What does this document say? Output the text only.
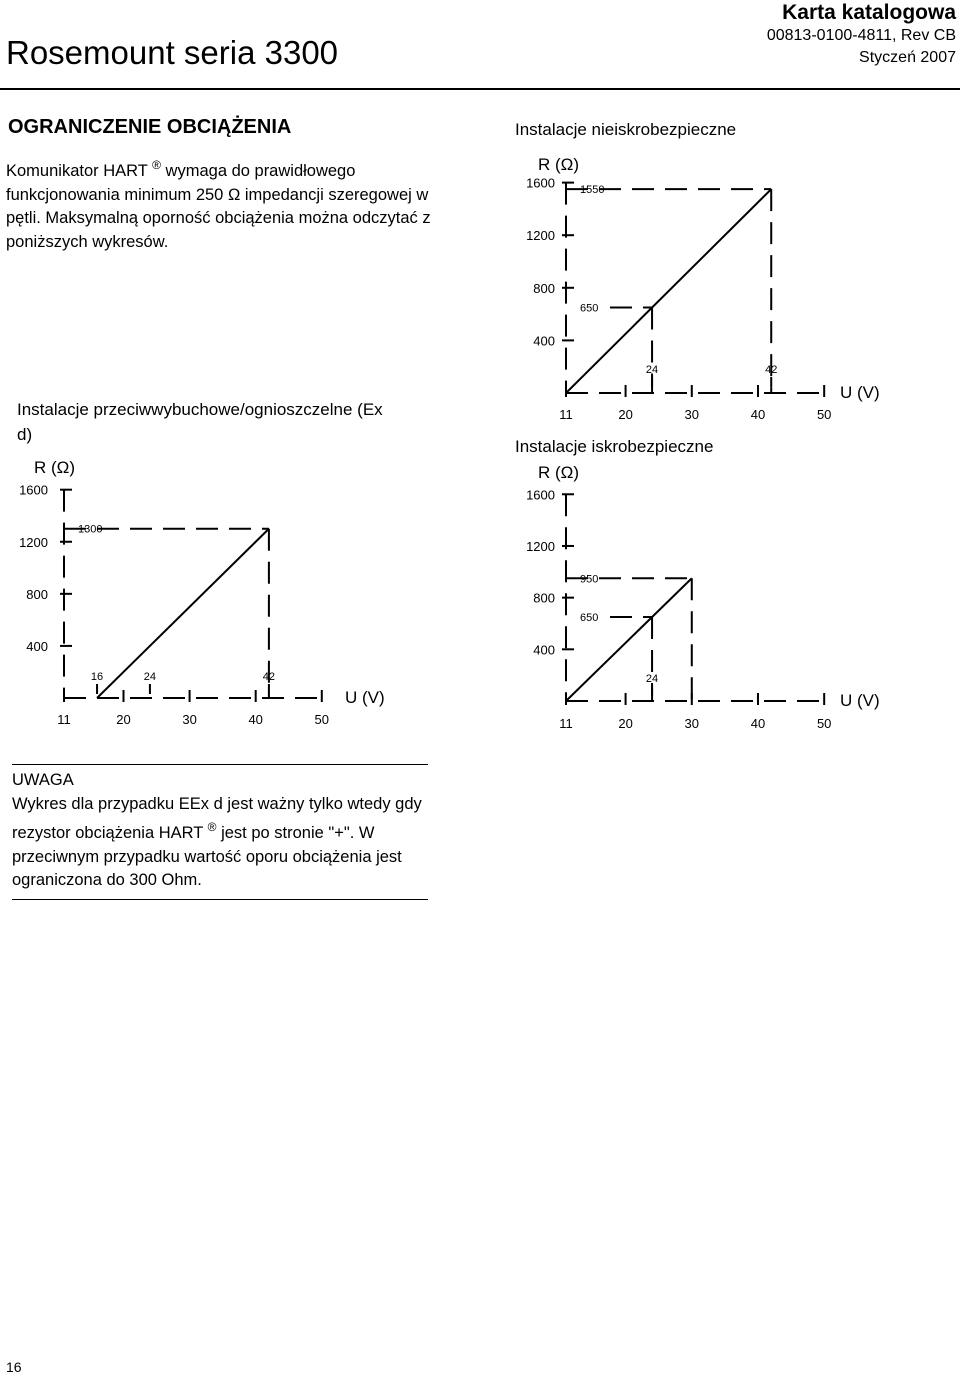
Rosemount seria 3300
Karta katalogowa
00813-0100-4811, Rev CB
Styczeń 2007
OGRANICZENIE OBCIĄŻENIA
Komunikator HART ® wymaga do prawidłowego funkcjonowania minimum 250 Ω impedancji szeregowej w pętli. Maksymalną oporność obciążenia można odczytać z poniższych wykresów.
Instalacje nieiskrobezpieczne
R (Ω)
U (V)
400
800
1200
1600
11	20	30	40	50
1550
650
24	42
Instalacje przeciwwybuchowe/ognioszczelne (Ex
d)
R (Ω)
U (V)
400
800
1200
1600
11	20	30	40	50
1300
16	24	42
Instalacje iskrobezpieczne
R (Ω)
U (V)
400
800
1200
1600
11	20	30	40	50
950
650
24
UWAGA
Wykres dla przypadku EEx d jest ważny tylko wtedy gdy rezystor obciążenia HART ® jest po stronie "+". W przeciwnym przypadku wartość oporu obciążenia jest ograniczona do 300 Ohm.
16
